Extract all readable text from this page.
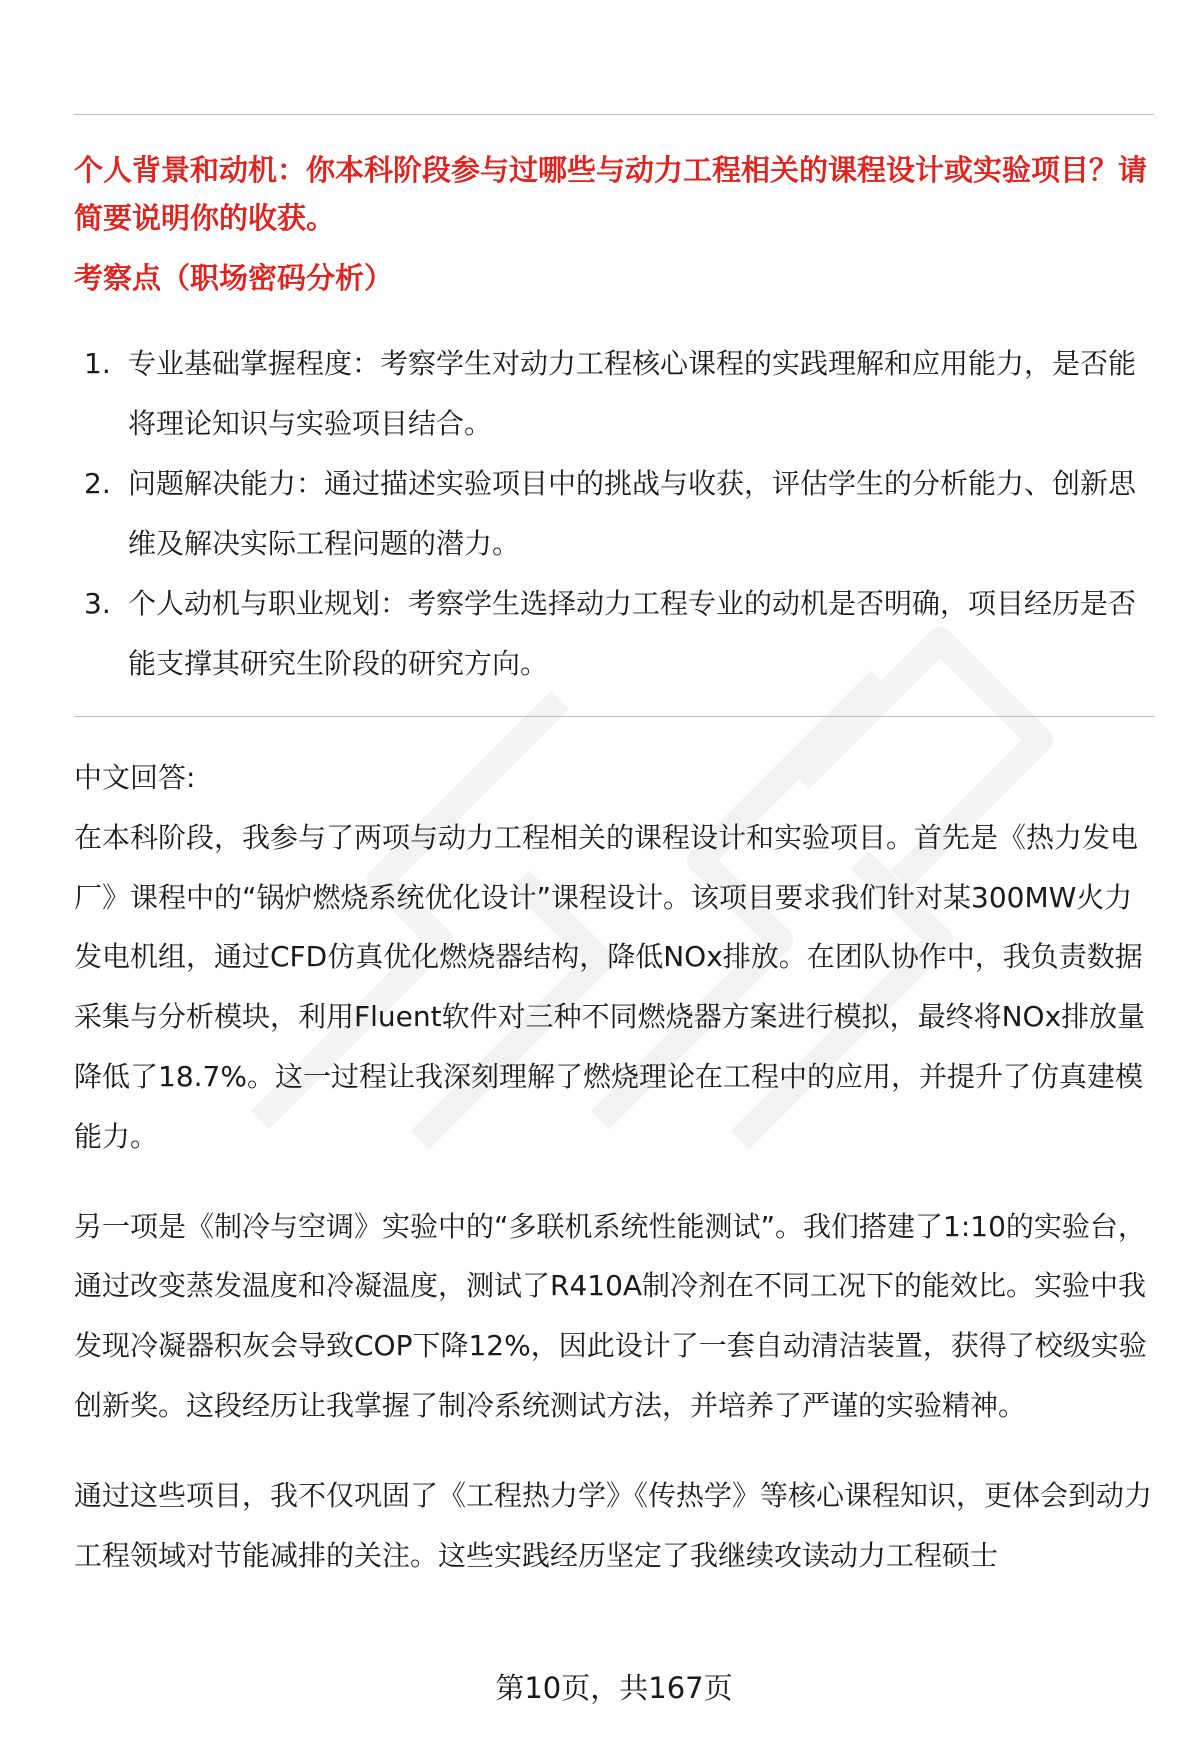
个人背景和动机：你本科阶段参与过哪些与动力工程相关的课程设计或实验项目？请简要说明你的收获。

考察点（职场密码分析）

1. 专业基础掌握程度：考察学生对动力工程核心课程的实践理解和应用能力，是否能将理论知识与实验项目结合。
2. 问题解决能力：通过描述实验项目中的挑战与收获，评估学生的分析能力、创新思维及解决实际工程问题的潜力。
3. 个人动机与职业规划：考察学生选择动力工程专业的动机是否明确，项目经历是否能支撑其研究生阶段的研究方向。

中文回答:

在本科阶段，我参与了两项与动力工程相关的课程设计和实验项目。首先是《热力发电厂》课程中的“锅炉燃烧系统优化设计”课程设计。该项目要求我们针对某300MW火力发电机组，通过CFD仿真优化燃烧器结构，降低NOx排放。在团队协作中，我负责数据采集与分析模块，利用Fluent软件对三种不同燃烧器方案进行模拟，最终将NOx排放量降低了18.7%。这一过程让我深刻理解了燃烧理论在工程中的应用，并提升了仿真建模能力。

另一项是《制冷与空调》实验中的“多联机系统性能测试”。我们搭建了1:10的实验台，通过改变蒸发温度和冷凝温度，测试了R410A制冷剂在不同工况下的能效比。实验中我发现冷凝器积灰会导致COP下降12%，因此设计了一套自动清洁装置，获得了校级实验创新奖。这段经历让我掌握了制冷系统测试方法，并培养了严谨的实验精神。

通过这些项目，我不仅巩固了《工程热力学》《传热学》等核心课程知识，更体会到动力工程领域对节能减排的关注。这些实践经历坚定了我继续攻读动力工程硕士

第10页，共167页
